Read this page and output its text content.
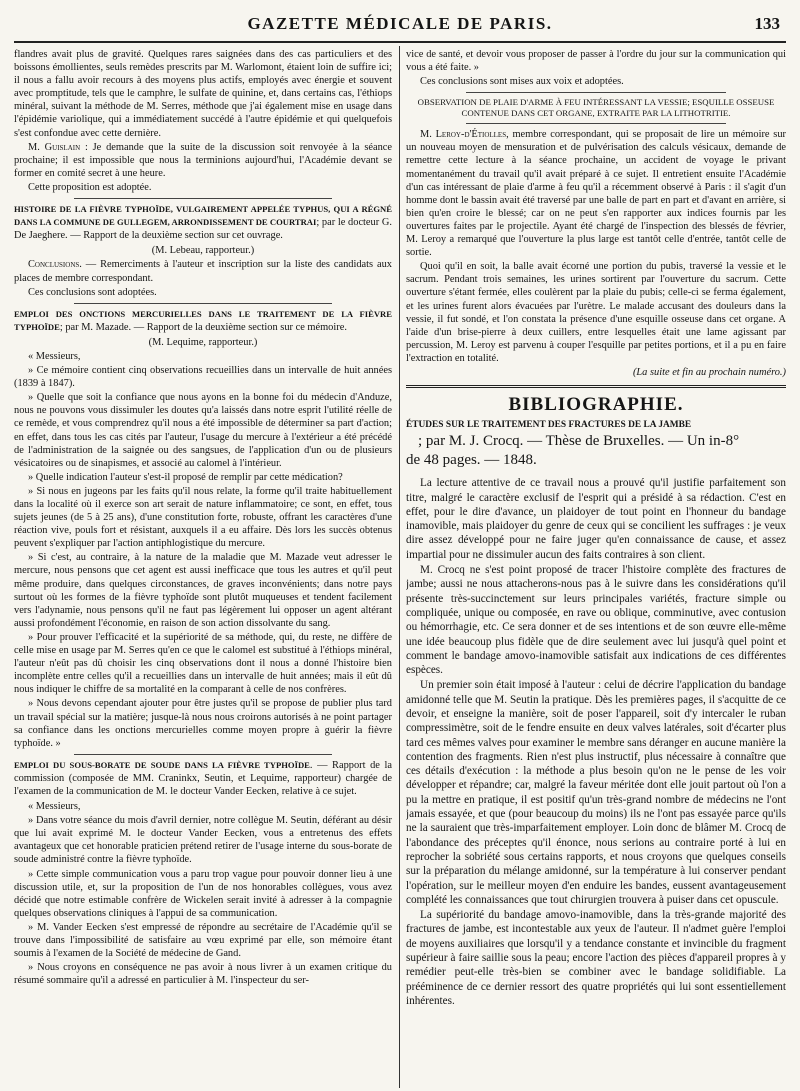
GAZETTE MÉDICALE DE PARIS.	133

flandres avait plus de gravité. Quelques rares saignées dans des cas particuliers et des boissons émollientes, seuls remèdes prescrits par M. Warlomont, étaient loin de suffire ici; il nous a fallu avoir recours à des moyens plus actifs, employés avec énergie et souvent avec promptitude, tels que le camphre, le sulfate de quinine, et, dans certains cas, l'éthiops minéral, suivant la méthode de M. Serres, méthode que j'ai également mise en usage dans l'épidémie variolique, qui a immédiatement succédé à l'autre épidémie et qui quelquefois s'est confondue avec cette dernière.

M. Guislain : Je demande que la suite de la discussion soit renvoyée à la séance prochaine; il est impossible que nous la terminions aujourd'hui, l'Académie devant se former en comité secret à une heure.

Cette proposition est adoptée.

HISTOIRE DE LA FIÈVRE TYPHOÏDE, VULGAIREMENT APPELÉE TYPHUS, QUI A RÉGNÉ DANS LA COMMUNE DE GULLEGEM, ARRONDISSEMENT DE COURTRAI; par le docteur G. De Jaeghere. — Rapport de la deuxième section sur cet ouvrage.

(M. Lebeau, rapporteur.)

Conclusions. — Remerciments à l'auteur et inscription sur la liste des candidats aux places de membre correspondant.

Ces conclusions sont adoptées.

EMPLOI DES ONCTIONS MERCURIELLES DANS LE TRAITEMENT DE LA FIÈVRE TYPHOÏDE; par M. Mazade. — Rapport de la deuxième section sur ce mémoire.

(M. Lequime, rapporteur.)

« Messieurs,

» Ce mémoire contient cinq observations recueillies dans un intervalle de huit années (1839 à 1847).

» Quelle que soit la confiance que nous ayons en la bonne foi du médecin d'Anduze, nous ne pouvons vous dissimuler les doutes qu'a laissés dans notre esprit l'utilité réelle de ce remède, et vous comprendrez qu'il nous a été impossible de déterminer sa part d'action; en effet, dans tous les cas cités par l'auteur, l'usage du mercure à l'extérieur a été précédé de l'administration de la saignée ou des sangsues, de l'application d'un ou de plusieurs vésicatoires ou de sinapismes, et associé au calomel à l'intérieur.

» Quelle indication l'auteur s'est-il proposé de remplir par cette médication?

» Si nous en jugeons par les faits qu'il nous relate, la forme qu'il traite habituellement dans la localité où il exerce son art serait de nature inflammatoire; ce sont, en effet, tous sujets jeunes (de 5 à 25 ans), d'une constitution forte, robuste, offrant les caractères d'une réaction vive, pouls fort et résistant, auxquels il a eu affaire. Dès lors les succès obtenus peuvent s'expliquer par l'action antiphlogistique du mercure.

» Si c'est, au contraire, à la nature de la maladie que M. Mazade veut adresser le mercure, nous pensons que cet agent est aussi inefficace que tous les autres et qu'il peut même produire, dans quelques circonstances, de graves inconvénients; dans notre pays surtout où les formes de la fièvre typhoïde sont plutôt muqueuses et tendent facilement vers l'adynamie, nous pensons qu'il ne faut pas légèrement lui opposer un agent altérant aussi profondément l'économie, en raison de son action dissolvante du sang.

» Pour prouver l'efficacité et la supériorité de sa méthode, qui, du reste, ne diffère de celle mise en usage par M. Serres qu'en ce que le calomel est substitué à l'éthiops minéral, l'auteur n'eût pas dû choisir les cinq observations dont il nous a donné l'histoire bien incomplète entre celles qu'il a recueillies dans un intervalle de huit années; mais il eût dû nous indiquer le chiffre de sa mortalité en la comparant à celle de nos confrères.

» Nous devons cependant ajouter pour être justes qu'il se propose de publier plus tard un travail spécial sur la matière; jusque-là nous nous croirons autorisés à ne point partager sa confiance dans les onctions mercurielles comme moyen propre à guérir la fièvre typhoïde. »

EMPLOI DU SOUS-BORATE DE SOUDE DANS LA FIÈVRE TYPHOÏDE. — Rapport de la commission (composée de MM. Craninkx, Seutin, et Lequime, rapporteur) chargée de l'examen de la communication de M. le docteur Vander Eecken, relative à ce sujet.

« Messieurs,

» Dans votre séance du mois d'avril dernier, notre collègue M. Seutin, déférant au désir que lui avait exprimé M. le docteur Vander Eecken, vous a entretenus des effets avantageux que cet honorable praticien prétend retirer de l'usage interne du sous-borate de soude administré contre la fièvre typhoïde.

» Cette simple communication vous a paru trop vague pour pouvoir donner lieu à une discussion utile, et, sur la proposition de l'un de nos honorables collègues, vous avez décidé que notre estimable confrère de Wickelen serait invité à adresser à la compagnie quelques observations cliniques à l'appui de sa communication.

» M. Vander Eecken s'est empressé de répondre au secrétaire de l'Académie qu'il se trouve dans l'impossibilité de satisfaire au vœu exprimé par elle, son mémoire étant soumis à l'examen de la Société de médecine de Gand.

» Nous croyons en conséquence ne pas avoir à nous livrer à un examen critique du résumé sommaire qu'il a adressé en particulier à M. l'inspecteur du ser-

vice de santé, et devoir vous proposer de passer à l'ordre du jour sur la communication qui vous a été faite. »

Ces conclusions sont mises aux voix et adoptées.

OBSERVATION DE PLAIE D'ARME À FEU INTÉRESSANT LA VESSIE; ESQUILLE OSSEUSE CONTENUE DANS CET ORGANE, EXTRAITE PAR LA LITHOTRITIE.

M. Leroy-d'Étiolles, membre correspondant, qui se proposait de lire un mémoire sur un nouveau moyen de mensuration et de pulvérisation des calculs vésicaux, demande de remettre cette lecture à la séance prochaine, un accident de voyage le privant momentanément du travail qu'il avait préparé à ce sujet. Il entretient ensuite l'Académie d'un cas intéressant de plaie d'arme à feu qu'il a récemment observé à Paris : il s'agit d'un homme dont le bassin avait été traversé par une balle de part en part et d'avant en arrière, si bien qu'en croire le blessé; car on ne peut s'en rapporter aux indices fournis par les ouvertures faites par le projectile. Ayant été chargé de l'inspection des blessés de février, M. Leroy a remarqué que l'ouverture la plus large est tantôt celle d'entrée, tantôt celle de sortie.

Quoi qu'il en soit, la balle avait écorné une portion du pubis, traversé la vessie et le sacrum. Pendant trois semaines, les urines sortirent par l'ouverture du sacrum. Cette ouverture s'étant fermée, elles coulèrent par la plaie du pubis; celle-ci se ferma également, et les urines furent alors évacuées par l'urètre. Le malade accusant des douleurs dans la vessie, il fut sondé, et l'on constata la présence d'une esquille osseuse dans cet organe. A l'aide d'un brise-pierre à deux cuillers, entre lesquelles était une lame agissant par percussion, M. Leroy est parvenu à couper l'esquille par petites portions, et il a pu en faire l'extraction en totalité.

(La suite et fin au prochain numéro.)

BIBLIOGRAPHIE.

ÉTUDES SUR LE TRAITEMENT DES FRACTURES DE LA JAMBE

; par M. J. Crocq. — Thèse de Bruxelles. — Un in-8°
de 48 pages. — 1848.

La lecture attentive de ce travail nous a prouvé qu'il justifie parfaitement son titre, malgré le caractère exclusif de l'esprit qui a présidé à sa rédaction. C'est en effet, pour le dire d'avance, un plaidoyer de tout point en l'honneur du bandage inamovible, mais plaidoyer du genre de ceux qui se concilient les suffrages : je veux dire assez développé pour ne faire juger qu'en connaissance de cause, et assez impartial pour ne dissimuler aucun des faits contraires à son client.

M. Crocq ne s'est point proposé de tracer l'histoire complète des fractures de jambe; aussi ne nous attacherons-nous pas à le suivre dans les considérations qu'il présente très-succinctement sur leurs principales variétés, fracture simple ou compliquée, unique ou composée, en rave ou oblique, comminutive, avec contusion ou hémorrhagie, etc. Ce sera donner et de ses intentions et de son œuvre elle-même une idée beaucoup plus fidèle que de dire seulement avec lui jusqu'à quel point et comment le bandage amovo-inamovible satisfait aux indications de ces différentes espèces.

Un premier soin était imposé à l'auteur : celui de décrire l'application du bandage amidonné telle que M. Seutin la pratique. Dès les premières pages, il s'acquitte de ce devoir, et enseigne la manière, soit de poser l'appareil, soit d'y intercaler le ruban compressimètre, soit de le fendre ensuite en deux valves latérales, soit d'écarter plus tard ces mêmes valves pour examiner le membre sans déranger en aucune manière la contention des fragments. Rien n'est plus instructif, plus nécessaire à connaître que ces détails d'exécution : la méthode a plus besoin qu'on ne le pense de les voir développer et répandre; car, malgré la faveur méritée dont elle jouit partout où l'on a pu la mettre en pratique, il est positif qu'un très-grand nombre de médecins ne l'ont jamais essayée, et que (pour beaucoup du moins) ils ne l'ont pas essayée parce qu'ils ne la sauraient que très-imparfaitement employer. Loin donc de blâmer M. Crocq de l'abondance des préceptes qu'il énonce, nous serions au contraire porté à lui en reprocher la sobriété sous certains rapports, et nous croyons que quelques conseils sur la préparation du mélange amidonné, sur la température à lui conserver pendant l'opération, sur le meilleur moyen d'en enduire les bandes, eussent avantageusement complété les connaissances que tout chirurgien trouvera à puiser dans cet opuscule.

La supériorité du bandage amovo-inamovible, dans la très-grande majorité des fractures de jambe, est incontestable aux yeux de l'auteur. Il n'admet guère l'emploi de moyens auxiliaires que lorsqu'il y a tendance constante et invincible du fragment supérieur à faire saillie sous la peau; encore l'action des pièces d'appareil propres à y remédier peut-elle très-bien se combiner avec le bandage solidifiable. La prééminence de ce dernier ressort des quatre propriétés qui lui sont essentiellement inhérentes.
